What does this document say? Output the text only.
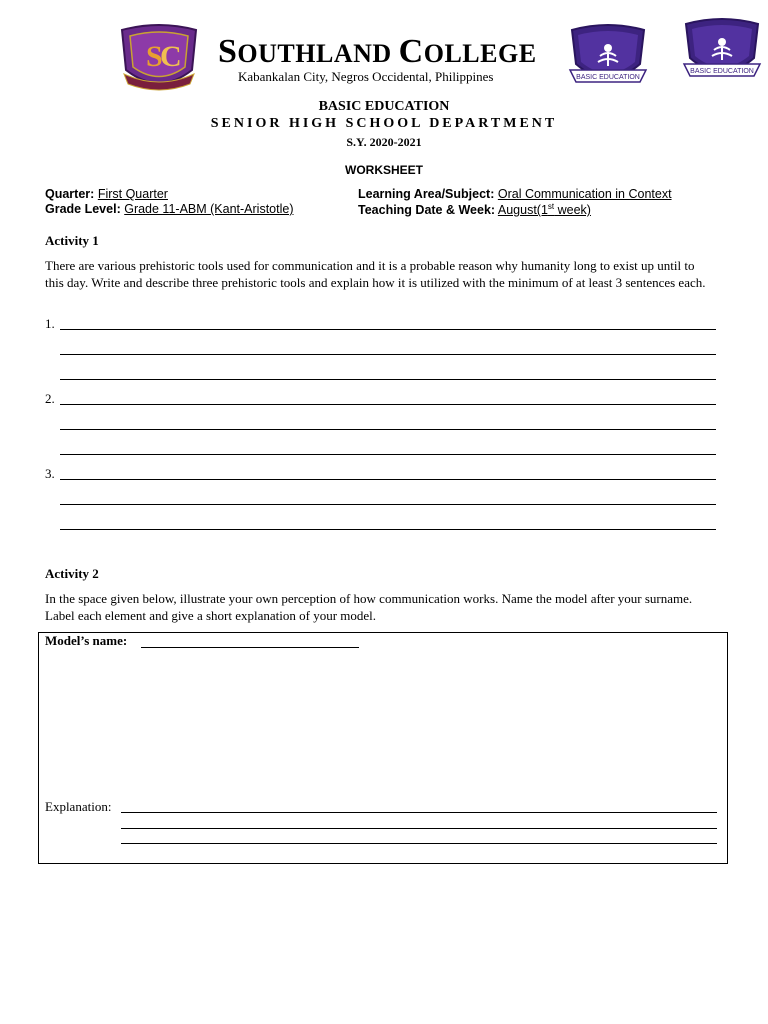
S
C SOUTHLAND COLLEGE
Kabankalan City, Negros Occidental, Philippines	BASIC EDUCATION
BASIC EDUCATION
BASIC EDUCATION
SENIOR HIGH SCHOOL DEPARTMENT
S.Y. 2020-2021
WORKSHEET
Quarter: First Quarter
Grade Level: Grade 11-ABM (Kant-Aristotle)
Learning Area/Subject: Oral Communication in Context
Teaching Date & Week: August(1st week)
Activity 1
There are various prehistoric tools used for communication and it is a probable reason why humanity long to exist up until to this day. Write and describe three prehistoric tools and explain how it is utilized with the minimum of at least 3 sentences each.
1.
2.
3.
Activity 2
In the space given below, illustrate your own perception of how communication works. Name the model after your surname. Label each element and give a short explanation of your model.
Model’s name:
Explanation:
